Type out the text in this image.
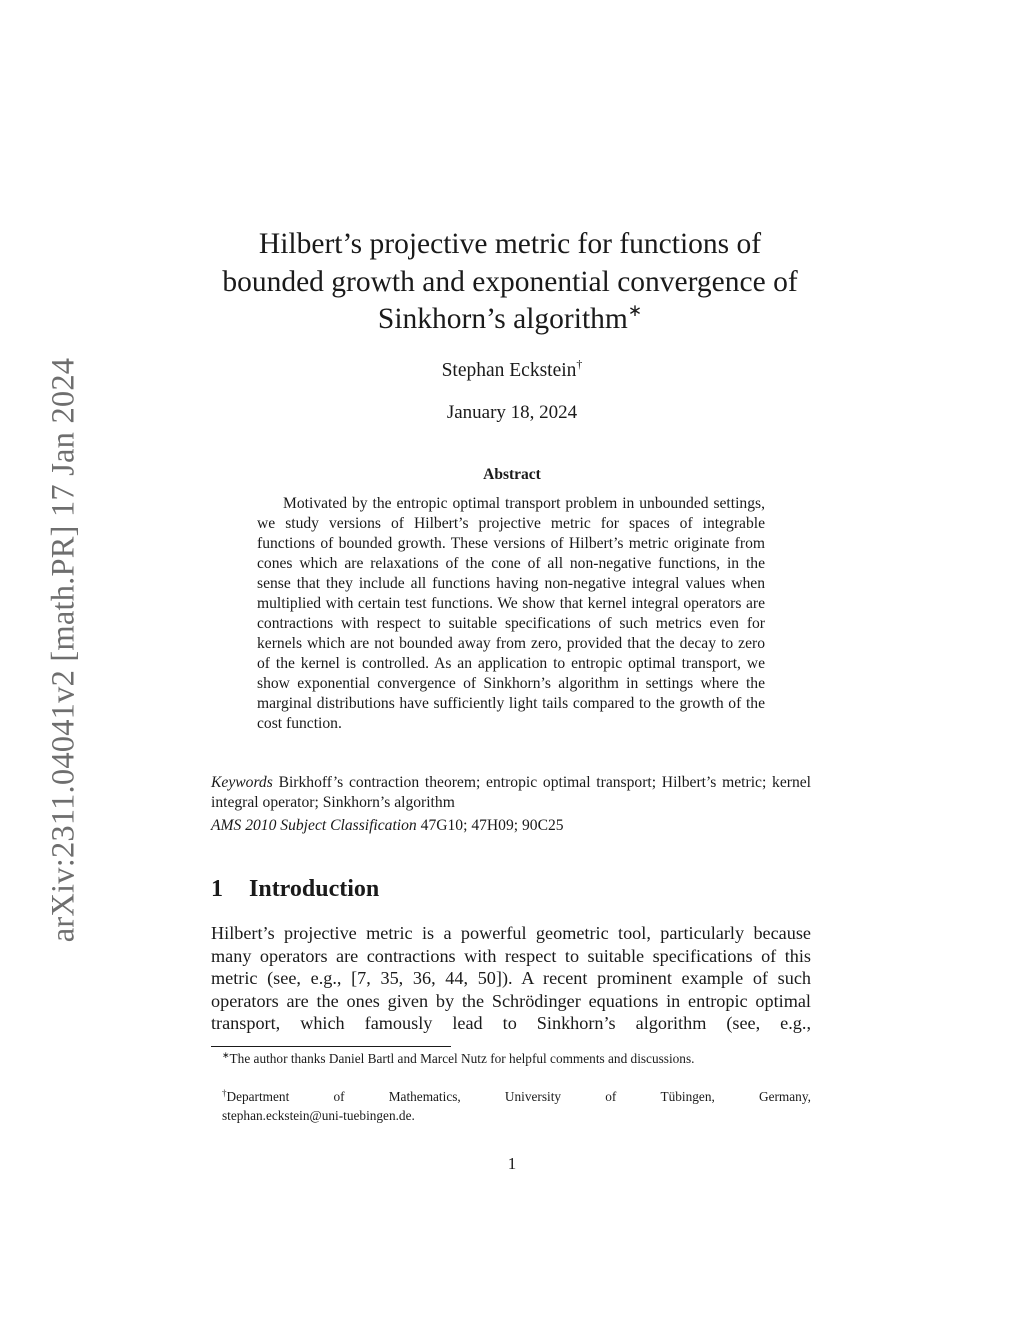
arXiv:2311.04041v2 [math.PR] 17 Jan 2024
Hilbert’s projective metric for functions of
bounded growth and exponential convergence of
Sinkhorn’s algorithm∗
Stephan Eckstein†
January 18, 2024
Abstract

Motivated by the entropic optimal transport problem in unbounded settings, we study versions of Hilbert’s projective metric for spaces of integrable functions of bounded growth. These versions of Hilbert’s metric originate from cones which are relaxations of the cone of all non-negative functions, in the sense that they include all functions having non-negative integral values when multiplied with certain test functions. We show that kernel integral operators are contractions with respect to suitable specifications of such metrics even for kernels which are not bounded away from zero, provided that the decay to zero of the kernel is controlled. As an application to entropic optimal transport, we show exponential convergence of Sinkhorn’s algorithm in settings where the marginal distributions have sufficiently light tails compared to the growth of the cost function.

Keywords Birkhoff’s contraction theorem; entropic optimal transport; Hilbert’s metric; kernel integral operator; Sinkhorn’s algorithm

AMS 2010 Subject Classification 47G10; 47H09; 90C25

1 Introduction

Hilbert’s projective metric is a powerful geometric tool, particularly because many operators are contractions with respect to suitable specifications of this metric (see, e.g., [7, 35, 36, 44, 50]). A recent prominent example of such operators are the ones given by the Schrödinger equations in entropic optimal transport, which famously lead to Sinkhorn’s algorithm (see, e.g.,

∗The author thanks Daniel Bartl and Marcel Nutz for helpful comments and discussions.

†Department	of	Mathematics,	University	of	Tübingen,	Germany,
stephan.eckstein@uni-tuebingen.de.
1
